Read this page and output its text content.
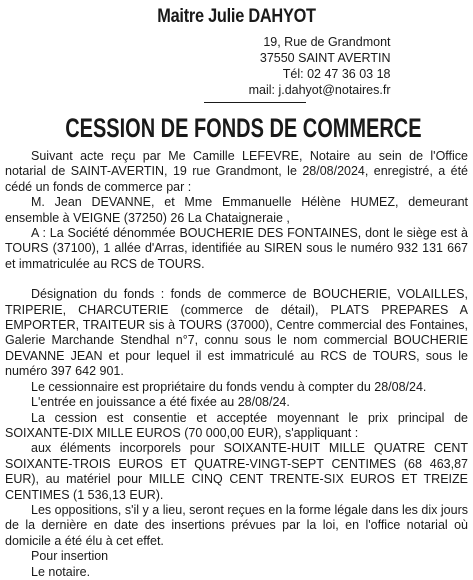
Maitre Julie DAHYOT
19, Rue de Grandmont
37550 SAINT AVERTIN
Tél: 02 47 36 03 18
mail: j.dahyot@notaires.fr
CESSION DE FONDS DE COMMERCE

Suivant acte reçu par Me Camille LEFEVRE, Notaire au sein de l'Office notarial de SAINT-AVERTIN, 19 rue Grandmont, le 28/08/2024, enregistré, a été cédé un fonds de commerce par :

M. Jean DEVANNE, et Mme Emmanuelle Hélène HUMEZ, demeurant ensemble à VEIGNE (37250) 26 La Chataigneraie ,

A : La Société dénommée BOUCHERIE DES FONTAINES, dont le siège est à TOURS (37100), 1 allée d'Arras, identifiée au SIREN sous le numéro 932 131 667 et immatriculée au RCS de TOURS.

Désignation du fonds : fonds de commerce de BOUCHERIE, VOLAILLES, TRIPERIE, CHARCUTERIE (commerce de détail), PLATS PREPARES A EMPORTER, TRAITEUR sis à TOURS (37000), Centre commercial des Fontaines, Galerie Marchande Stendhal n°7, connu sous le nom commercial BOUCHERIE DEVANNE JEAN et pour lequel il est immatriculé au RCS de TOURS, sous le numéro 397 642 901.

Le cessionnaire est propriétaire du fonds vendu à compter du 28/08/24.

L'entrée en jouissance a été fixée au 28/08/24.

La cession est consentie et acceptée moyennant le prix principal de SOIXANTE-DIX MILLE EUROS (70 000,00 EUR), s'appliquant :

aux éléments incorporels pour SOIXANTE-HUIT MILLE QUATRE CENT SOIXANTE-TROIS EUROS ET QUATRE-VINGT-SEPT CENTIMES (68 463,87 EUR), au matériel pour MILLE CINQ CENT TRENTE-SIX EUROS ET TREIZE CENTIMES (1 536,13 EUR).

Les oppositions, s'il y a lieu, seront reçues en la forme légale dans les dix jours de la dernière en date des insertions prévues par la loi, en l'office notarial où domicile a été élu à cet effet.

Pour insertion

Le notaire.
